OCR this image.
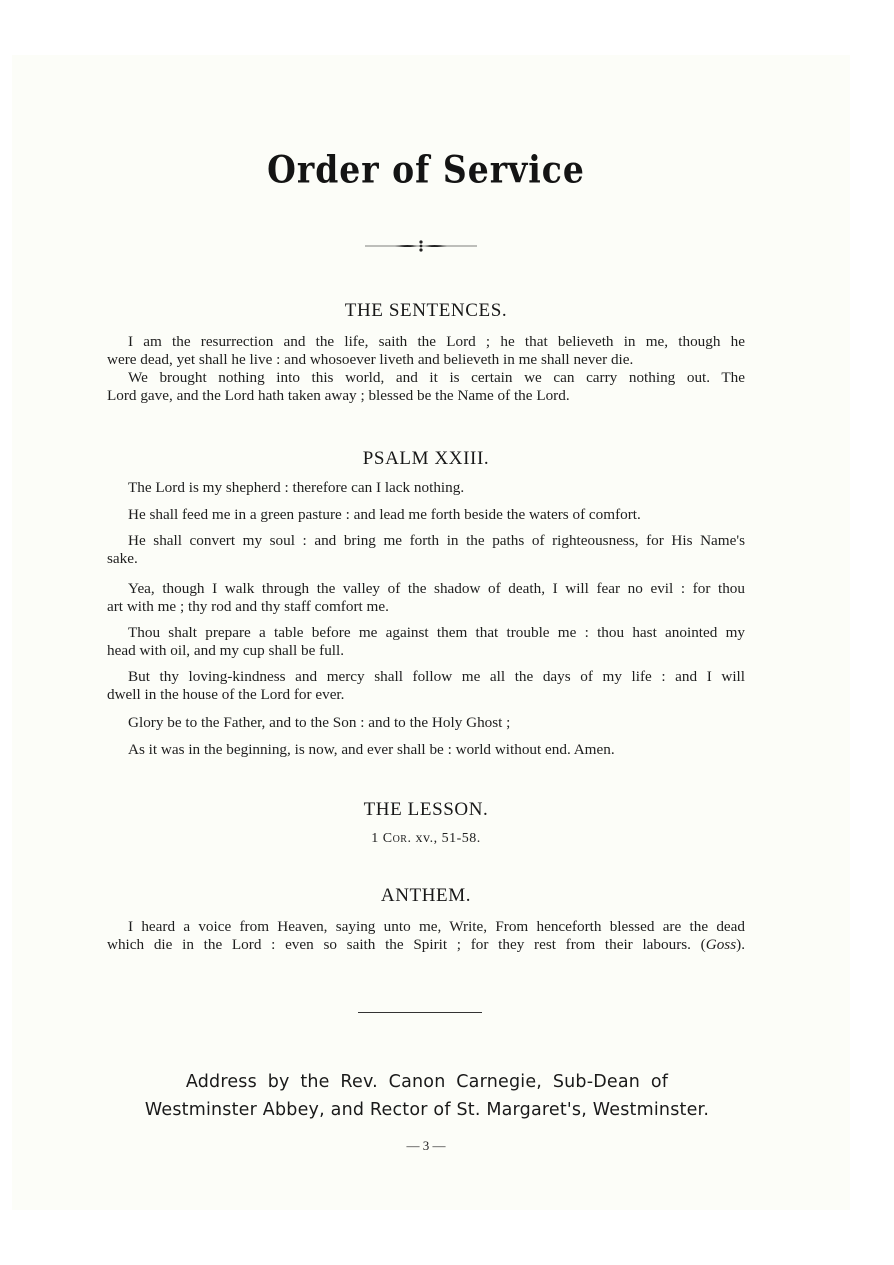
Order of Service
THE SENTENCES.
I am the resurrection and the life, saith the Lord ; he that believeth in me, though he
were dead, yet shall he live : and whosoever liveth and believeth in me shall never die.
We brought nothing into this world, and it is certain we can carry nothing out. The
Lord gave, and the Lord hath taken away ; blessed be the Name of the Lord.
PSALM XXIII.
The Lord is my shepherd : therefore can I lack nothing.
He shall feed me in a green pasture : and lead me forth beside the waters of comfort.
He shall convert my soul : and bring me forth in the paths of righteousness, for His Name's
sake.
Yea, though I walk through the valley of the shadow of death, I will fear no evil : for thou
art with me ; thy rod and thy staff comfort me.
Thou shalt prepare a table before me against them that trouble me : thou hast anointed my
head with oil, and my cup shall be full.
But thy loving-kindness and mercy shall follow me all the days of my life : and I will
dwell in the house of the Lord for ever.
Glory be to the Father, and to the Son : and to the Holy Ghost ;
As it was in the beginning, is now, and ever shall be : world without end. Amen.
THE LESSON.
1 Cor. xv., 51-58.
ANTHEM.
I heard a voice from Heaven, saying unto me, Write, From henceforth blessed are the dead
which die in the Lord : even so saith the Spirit ; for they rest from their labours. (Goss).
Address by the Rev. Canon Carnegie, Sub-Dean of
Westminster Abbey, and Rector of St. Margaret's, Westminster.
— 3 —
